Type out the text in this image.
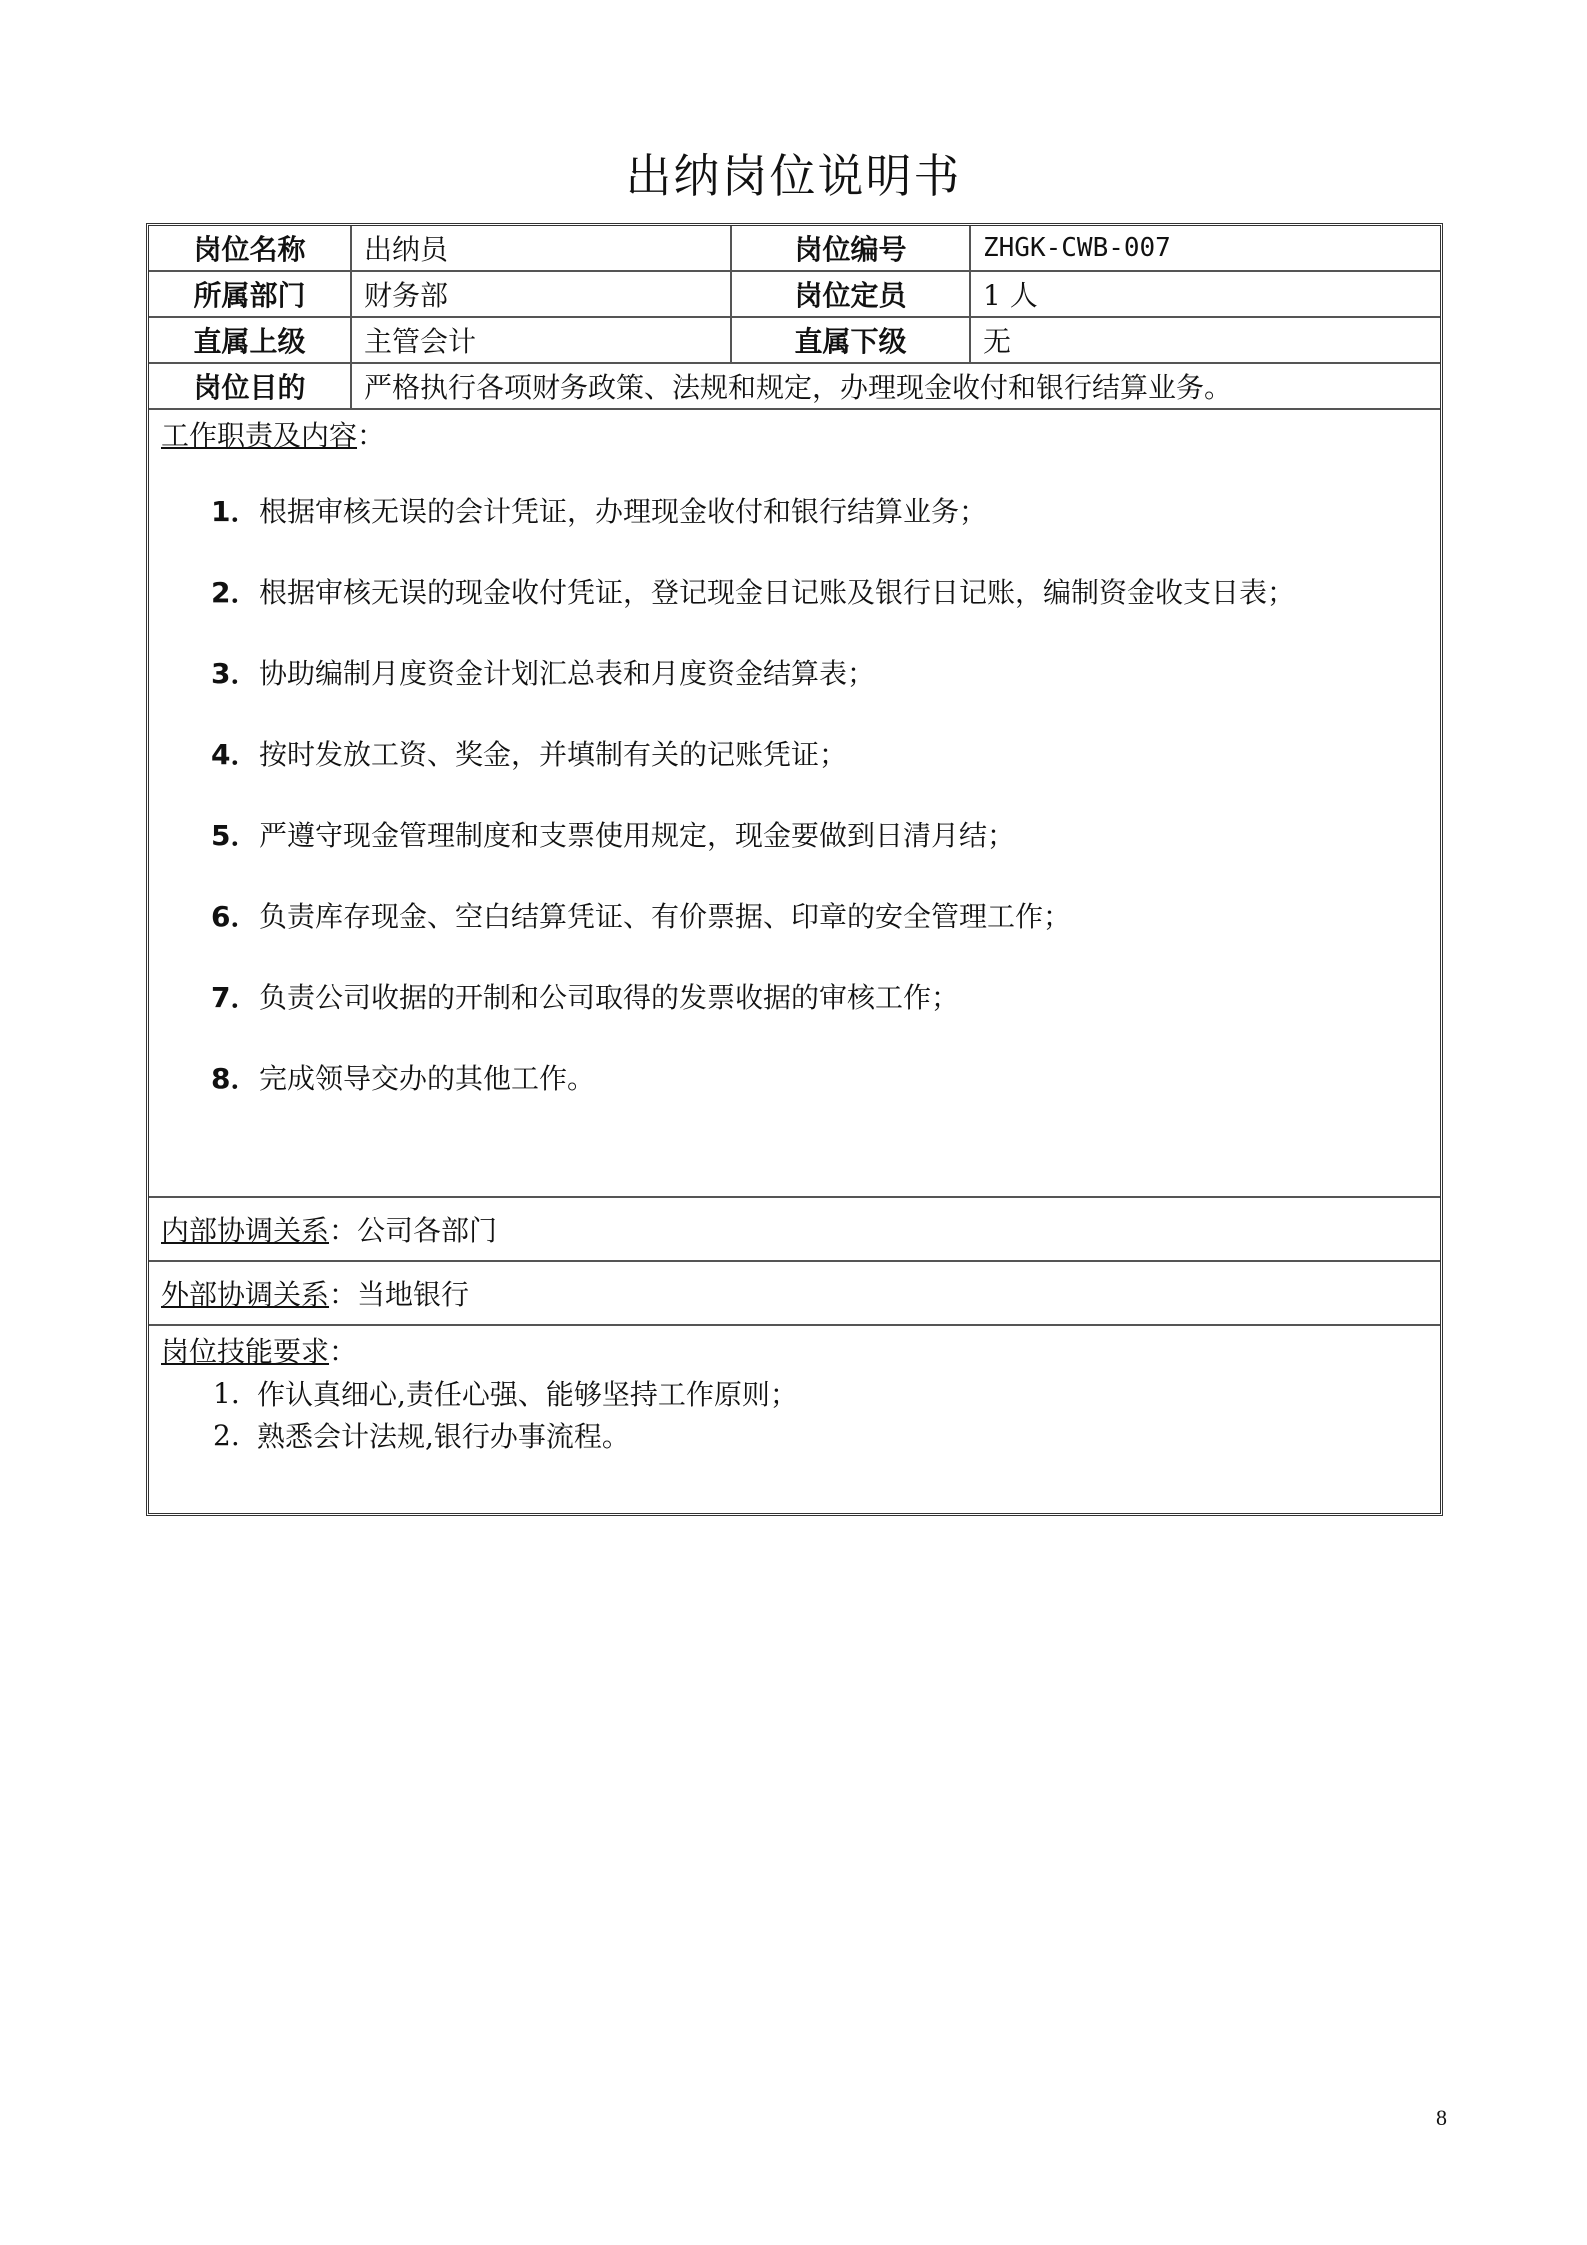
出纳岗位说明书
岗位名称	出纳员	岗位编号	ZHGK-CWB-007
所属部门	财务部	岗位定员	1 人
直属上级	主管会计	直属下级	无
岗位目的	严格执行各项财务政策、法规和规定，办理现金收付和银行结算业务。
工作职责及内容：
1． 根据审核无误的会计凭证，办理现金收付和银行结算业务；
2． 根据审核无误的现金收付凭证，登记现金日记账及银行日记账，编制资金收支日表；
3． 协助编制月度资金计划汇总表和月度资金结算表；
4． 按时发放工资、奖金，并填制有关的记账凭证；
5． 严遵守现金管理制度和支票使用规定，现金要做到日清月结；
6． 负责库存现金、空白结算凭证、有价票据、印章的安全管理工作；
7． 负责公司收据的开制和公司取得的发票收据的审核工作；
8． 完成领导交办的其他工作。
内部协调关系 ： 公司各部门
外部协调关系 ： 当地银行
岗位技能要求：
1. 作认真细心,责任心强、能够坚持工作原则；
2. 熟悉会计法规,银行办事流程。
8
